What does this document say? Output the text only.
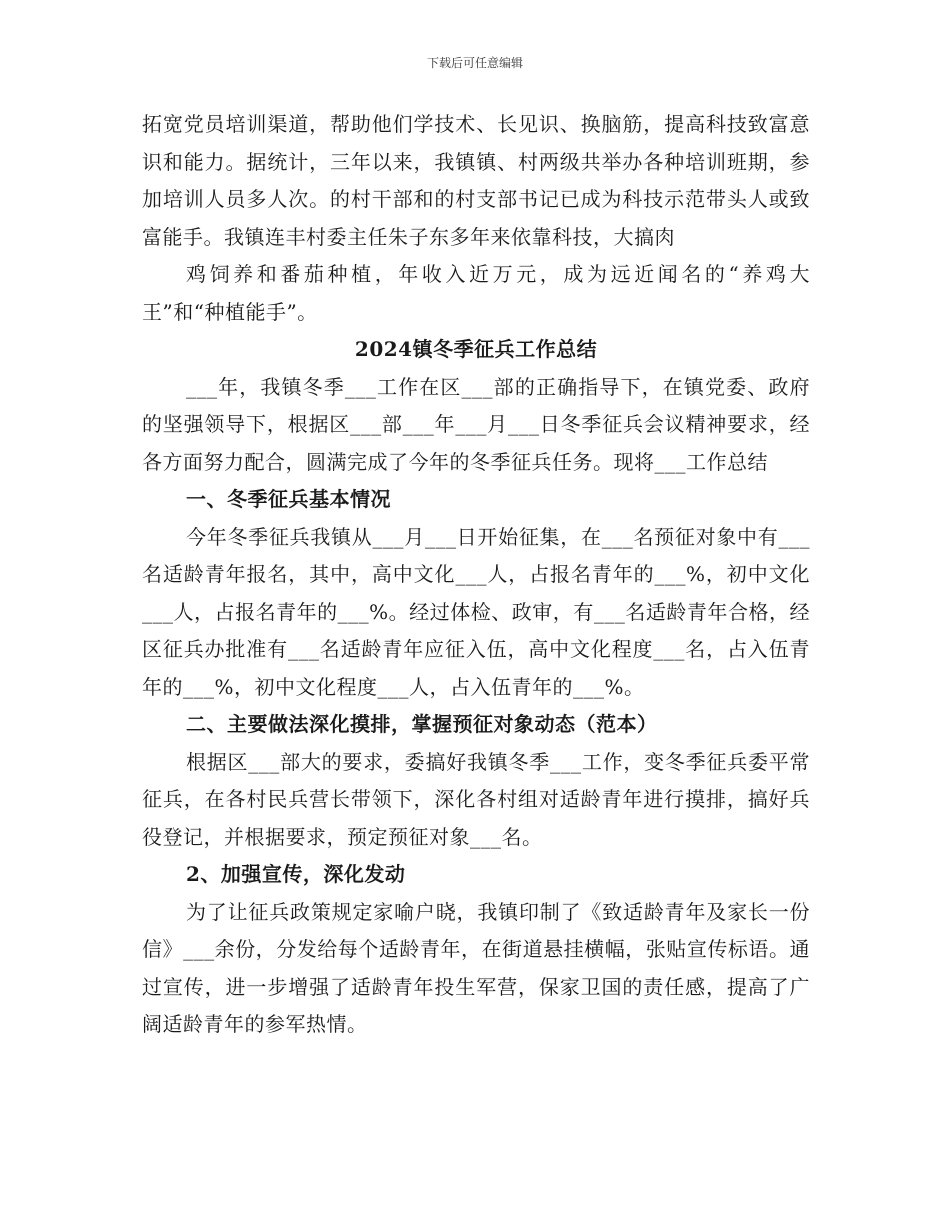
下载后可任意编辑

拓宽党员培训渠道，帮助他们学技术、长见识、换脑筋，提高科技致富意识和能力。据统计，三年以来，我镇镇、村两级共举办各种培训班期，参加培训人员多人次。的村干部和的村支部书记已成为科技示范带头人或致富能手。我镇连丰村委主任朱子东多年来依靠科技，大搞肉

鸡饲养和番茄种植，年收入近万元，成为远近闻名的“养鸡大王”和“种植能手”。

2024镇冬季征兵工作总结

___年，我镇冬季___工作在区___部的正确指导下，在镇党委、政府的坚强领导下，根据区___部___年___月___日冬季征兵会议精神要求，经各方面努力配合，圆满完成了今年的冬季征兵任务。现将___工作总结

一、冬季征兵基本情况

今年冬季征兵我镇从___月___日开始征集，在___名预征对象中有___名适龄青年报名，其中，高中文化___人，占报名青年的___%，初中文化___人，占报名青年的___%。经过体检、政审，有___名适龄青年合格，经区征兵办批准有___名适龄青年应征入伍，高中文化程度___名，占入伍青年的___%，初中文化程度___人，占入伍青年的___%。

二、主要做法深化摸排，掌握预征对象动态（范本）

根据区___部大的要求，委搞好我镇冬季___工作，变冬季征兵委平常征兵，在各村民兵营长带领下，深化各村组对适龄青年进行摸排，搞好兵役登记，并根据要求，预定预征对象___名。

2、加强宣传，深化发动

为了让征兵政策规定家喻户晓，我镇印制了《致适龄青年及家长一份信》___余份，分发给每个适龄青年，在街道悬挂横幅，张贴宣传标语。通过宣传，进一步增强了适龄青年投生军营，保家卫国的责任感，提高了广阔适龄青年的参军热情。
